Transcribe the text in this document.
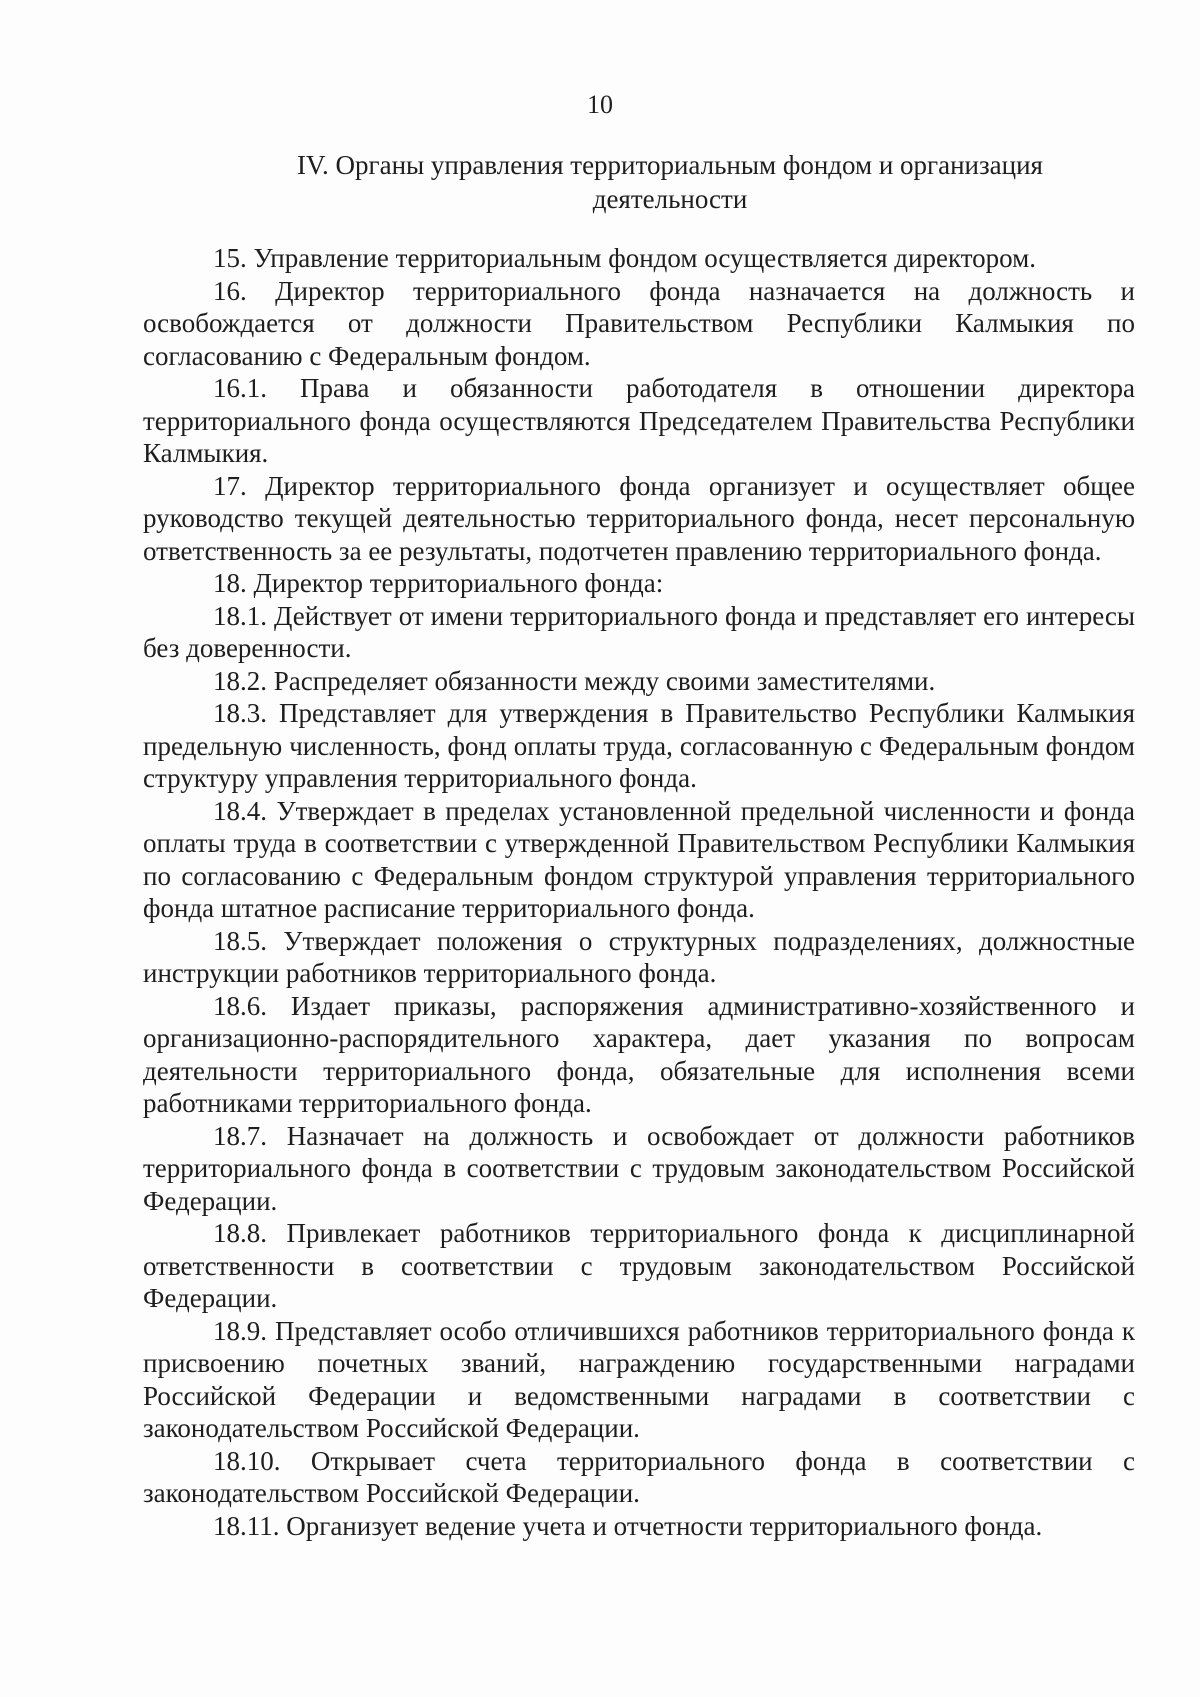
10
IV. Органы управления территориальным фондом и организация
деятельности

15. Управление территориальным фондом осуществляется директором.

16. Директор территориального фонда назначается на должность и освобождается от должности Правительством Республики Калмыкия по согласованию с Федеральным фондом.

16.1. Права и обязанности работодателя в отношении директора территориального фонда осуществляются Председателем Правительства Республики Калмыкия.

17. Директор территориального фонда организует и осуществляет общее руководство текущей деятельностью территориального фонда, несет персональную ответственность за ее результаты, подотчетен правлению территориального фонда.

18. Директор территориального фонда:

18.1. Действует от имени территориального фонда и представляет его интересы без доверенности.

18.2. Распределяет обязанности между своими заместителями.

18.3. Представляет для утверждения в Правительство Республики Калмыкия предельную численность, фонд оплаты труда, согласованную с Федеральным фондом структуру управления территориального фонда.

18.4. Утверждает в пределах установленной предельной численности и фонда оплаты труда в соответствии с утвержденной Правительством Республики Калмыкия по согласованию с Федеральным фондом структурой управления территориального фонда штатное расписание территориального фонда.

18.5. Утверждает положения о структурных подразделениях, должностные инструкции работников территориального фонда.

18.6. Издает приказы, распоряжения административно-хозяйственного и организационно-распорядительного характера, дает указания по вопросам деятельности территориального фонда, обязательные для исполнения всеми работниками территориального фонда.

18.7. Назначает на должность и освобождает от должности работников территориального фонда в соответствии с трудовым законодательством Российской Федерации.

18.8. Привлекает работников территориального фонда к дисциплинарной ответственности в соответствии с трудовым законодательством Российской Федерации.

18.9. Представляет особо отличившихся работников территориального фонда к присвоению почетных званий, награждению государственными наградами Российской Федерации и ведомственными наградами в соответствии с законодательством Российской Федерации.

18.10. Открывает счета территориального фонда в соответствии с законодательством Российской Федерации.

18.11. Организует ведение учета и отчетности территориального фонда.
